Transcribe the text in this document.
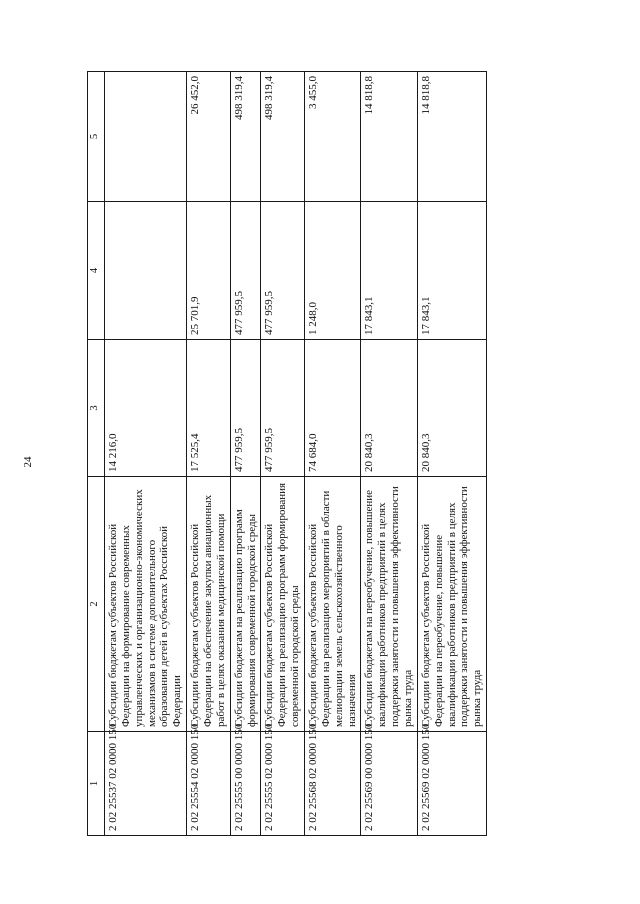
24
1	2	3	4	5
2 02 25537 02 0000 150	Субсидии бюджетам субъектов Российской Федерации на формирование современных управленческих и организационно-экономических механизмов в системе дополнительного образования детей в субъектах Российской Федерации	14 216,0		
2 02 25554 02 0000 150	Субсидии бюджетам субъектов Российской Федерации на обеспечение закупки авиационных работ в целях оказания медицинской помощи	17 525,4	25 701,9	26 452,0
2 02 25555 00 0000 150	Субсидии бюджетам на реализацию программ формирования современной городской среды	477 959,5	477 959,5	498 319,4
2 02 25555 02 0000 150	Субсидии бюджетам субъектов Российской Федерации на реализацию программ формирования современной городской среды	477 959,5	477 959,5	498 319,4
2 02 25568 02 0000 150	Субсидии бюджетам субъектов Российской Федерации на реализацию мероприятий в области мелиорации земель сельскохозяйственного назначения	74 684,0	1 248,0	3 455,0
2 02 25569 00 0000 150	Субсидии бюджетам на переобучение, повышение квалификации работников предприятий в целях поддержки занятости и повышения эффективности рынка труда	20 840,3	17 843,1	14 818,8
2 02 25569 02 0000 150	Субсидии бюджетам субъектов Российской Федерации на переобучение, повышение квалификации работников предприятий в целях поддержки занятости и повышения эффективности рынка труда	20 840,3	17 843,1	14 818,8
